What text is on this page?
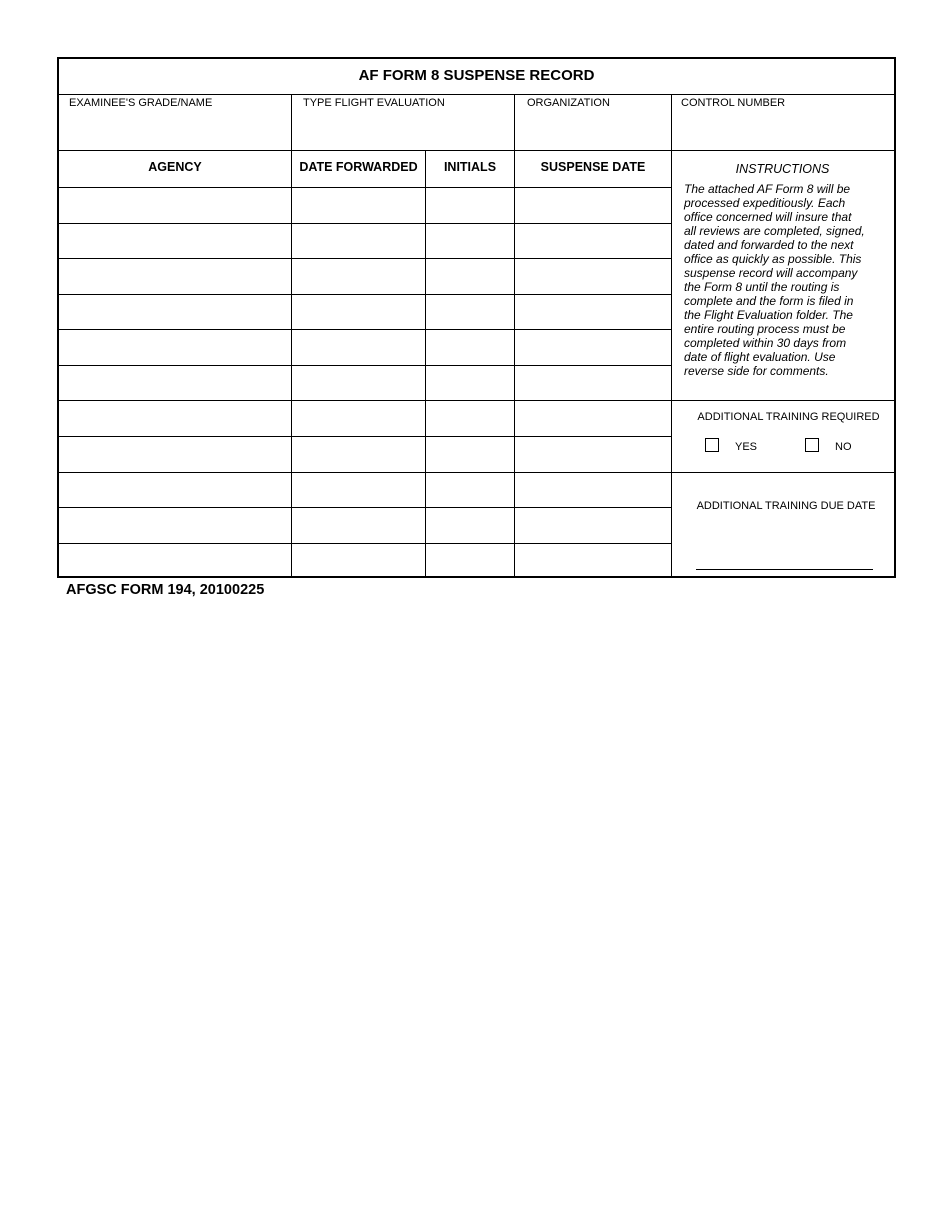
AF FORM 8 SUSPENSE RECORD
EXAMINEE'S GRADE/NAME	TYPE FLIGHT EVALUATION	ORGANIZATION	CONTROL NUMBER
AGENCY	DATE FORWARDED	INITIALS	SUSPENSE DATE	INSTRUCTIONS
The attached AF Form 8 will be
processed expeditiously. Each
office concerned will insure that
all reviews are completed, signed,
dated and forwarded to the next
office as quickly as possible. This
suspense record will accompany
the Form 8 until the routing is
complete and the form is filed in
the Flight Evaluation folder. The
entire routing process must be
completed within 30 days from
date of flight evaluation. Use
reverse side for comments.
ADDITIONAL TRAINING REQUIRED
YES	NO
ADDITIONAL TRAINING DUE DATE
AFGSC FORM 194, 20100225
